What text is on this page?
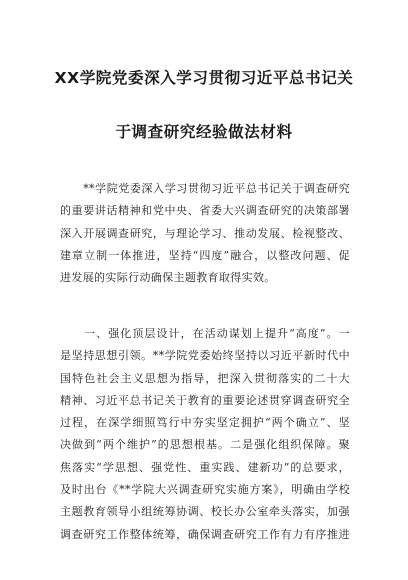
XX学院党委深入学习贯彻习近平总书记关
于调查研究经验做法材料
　　**学院党委深入学习贯彻习近平总书记关于调查研究
的重要讲话精神和党中央、省委大兴调查研究的决策部署
深入开展调查研究，与理论学习、推动发展、检视整改、
建章立制一体推进，坚持“四度”融合，以整改问题、促
进发展的实际行动确保主题教育取得实效。
　　一、强化顶层设计，在活动谋划上提升“高度”。一
是坚持思想引领。**学院党委始终坚持以习近平新时代中
国特色社会主义思想为指导，把深入贯彻落实的二十大
精神、习近平总书记关于教育的重要论述贯穿调查研究全
过程，在深学细照笃行中夯实坚定拥护“两个确立”、坚
决做到“两个维护”的思想根基。二是强化组织保障。聚
焦落实“学思想、强党性、重实践、建新功”的总要求，
及时出台《**学院大兴调查研究实施方案》，明确由学校
主题教育领导小组统筹协调、校长办公室牵头落实，加强
调查研究工作整体统筹，确保调查研究工作有力有序推进
